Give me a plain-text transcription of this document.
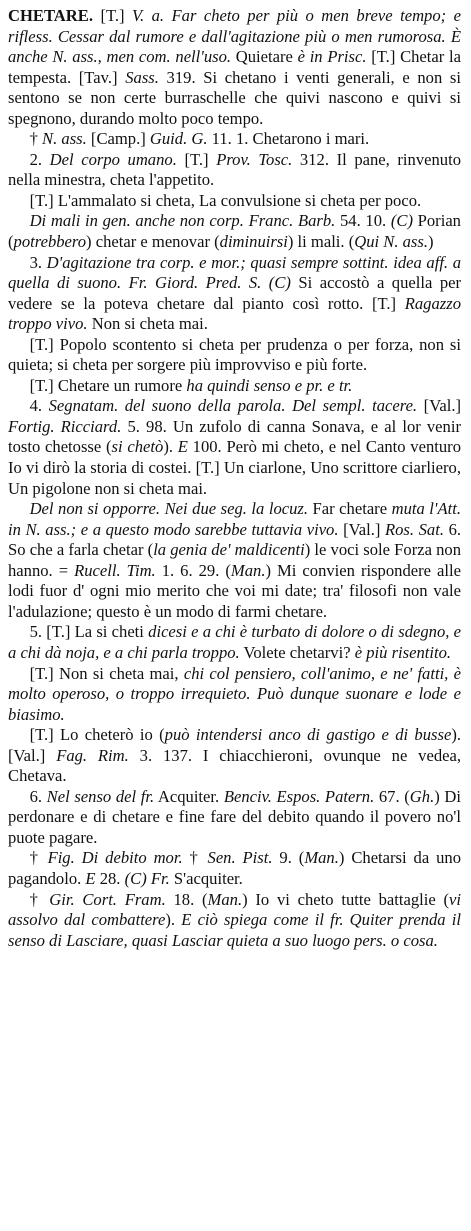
CHETARE. [T.] V. a. Far cheto per più o men breve tempo; e rifless. Cessar dal rumore e dall'agitazione più o men rumorosa. È anche N. ass., men com. nell'uso. Quietare è in Prisc. [T.] Chetar la tempesta. [Tav.] Sass. 319. Si chetano i venti generali, e non si sentono se non certe burraschelle che quivi nascono e quivi si spegnono, durando molto poco tempo.

† N. ass. [Camp.] Guid. G. 11. 1. Chetarono i mari.

2. Del corpo umano. [T.] Prov. Tosc. 312. Il pane, rinvenuto nella minestra, cheta l'appetito.

[T.] L'ammalato si cheta, La convulsione si cheta per poco.

Di mali in gen. anche non corp. Franc. Barb. 54. 10. (C) Porian (potrebbero) chetar e menovar (diminuirsi) li mali. (Qui N. ass.)

3. D'agitazione tra corp. e mor.; quasi sempre sottint. idea aff. a quella di suono. Fr. Giord. Pred. S. (C) Si accostò a quella per vedere se la poteva chetare dal pianto così rotto. [T.] Ragazzo troppo vivo. Non si cheta mai.

[T.] Popolo scontento si cheta per prudenza o per forza, non si quieta; si cheta per sorgere più improvviso e più forte.

[T.] Chetare un rumore ha quindi senso e pr. e tr.

4. Segnatam. del suono della parola. Del sempl. tacere. [Val.] Fortig. Ricciard. 5. 98. Un zufolo di canna Sonava, e al lor venir tosto chetosse (si chetò). E 100. Però mi cheto, e nel Canto venturo Io vi dirò la storia di costei. [T.] Un ciarlone, Uno scrittore ciarliero, Un pigolone non si cheta mai.

Del non si opporre. Nei due seg. la locuz. Far chetare muta l'Att. in N. ass.; e a questo modo sarebbe tuttavia vivo. [Val.] Ros. Sat. 6. So che a farla chetar (la genia de' maldicenti) le voci sole Forza non hanno. = Rucell. Tim. 1. 6. 29. (Man.) Mi convien rispondere alle lodi fuor d' ogni mio merito che voi mi date; tra' filosofi non vale l'adulazione; questo è un modo di farmi chetare.

5. [T.] La si cheti dicesi e a chi è turbato di dolore o di sdegno, e a chi dà noja, e a chi parla troppo. Volete chetarvi? è più risentito.

[T.] Non si cheta mai, chi col pensiero, coll'animo, e ne' fatti, è molto operoso, o troppo irrequieto. Può dunque suonare e lode e biasimo.

[T.] Lo cheterò io (può intendersi anco di gastigo e di busse). [Val.] Fag. Rim. 3. 137. I chiacchieroni, ovunque ne vedea, Chetava.

6. Nel senso del fr. Acquiter. Benciv. Espos. Patern. 67. (Gh.) Di perdonare e di chetare e fine fare del debito quando il povero no'l puote pagare.

† Fig. Di debito mor. † Sen. Pist. 9. (Man.) Chetarsi da uno pagandolo. E 28. (C) Fr. S'acquiter.

† Gir. Cort. Fram. 18. (Man.) Io vi cheto tutte battaglie (vi assolvo dal combattere). E ciò spiega come il fr. Quiter prenda il senso di Lasciare, quasi Lasciar quieta a suo luogo pers. o cosa.
